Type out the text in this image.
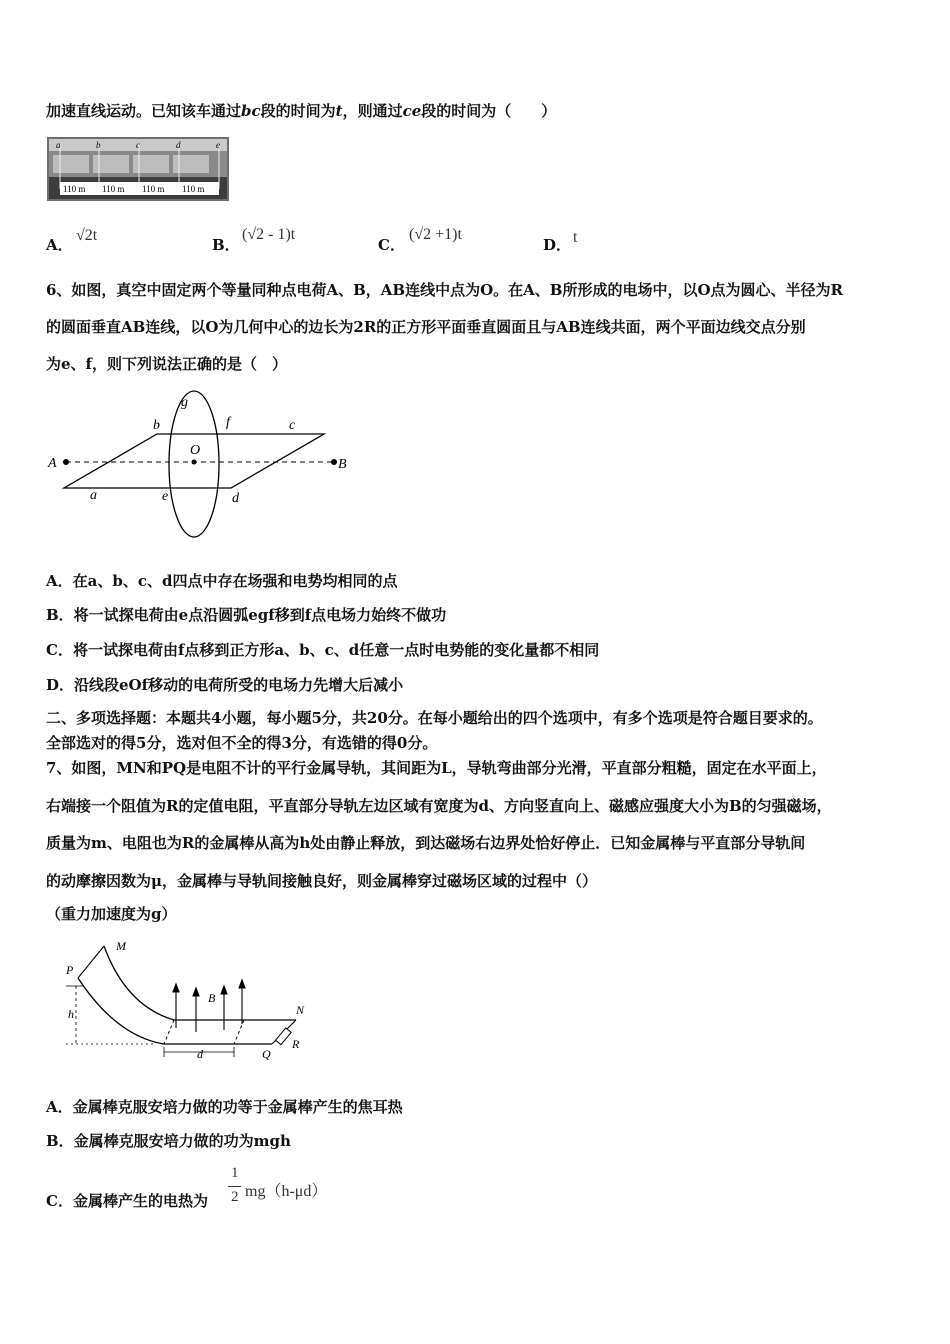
加速直线运动。已知该车通过bc段的时间为t，则通过ce段的时间为（　　）
a	b	c	d	e
110 m 110 m 110 m 110 m
A．
√2t
B．
(√2 - 1)t
C．
(√2 +1)t
D． t
6、如图，真空中固定两个等量同种点电荷A、B，AB连线中点为O。在A、B所形成的电场中，以O点为圆心、半径为R
的圆面垂直AB连线，以O为几何中心的边长为2R的正方形平面垂直圆面且与AB连线共面，两个平面边线交点分别
为e、f，则下列说法正确的是（　）
A	B
O
a
b	c
d
e
f
g
A．在a、b、c、d四点中存在场强和电势均相同的点
B．将一试探电荷由e点沿圆弧egf移到f点电场力始终不做功
C．将一试探电荷由f点移到正方形a、b、c、d任意一点时电势能的变化量都不相同
D．沿线段eOf移动的电荷所受的电场力先增大后减小
二、多项选择题：本题共4小题，每小题5分，共20分。在每小题给出的四个选项中，有多个选项是符合题目要求的。
全部选对的得5分，选对但不全的得3分，有选错的得0分。
7、如图，MN和PQ是电阻不计的平行金属导轨，其间距为L，导轨弯曲部分光滑，平直部分粗糙，固定在水平面上，
右端接一个阻值为R的定值电阻，平直部分导轨左边区域有宽度为d、方向竖直向上、磁感应强度大小为B的匀强磁场，
质量为m、电阻也为R的金属棒从高为h处由静止释放，到达磁场右边界处恰好停止．已知金属棒与平直部分导轨间
的动摩擦因数为μ，金属棒与导轨间接触良好，则金属棒穿过磁场区域的过程中（）
（重力加速度为g）
M
P
N
Q
B
R
h
d
A．金属棒克服安培力做的功等于金属棒产生的焦耳热
B．金属棒克服安培力做的功为mgh
C．金属棒产生的电热为
1
2 mg（h-μd）
